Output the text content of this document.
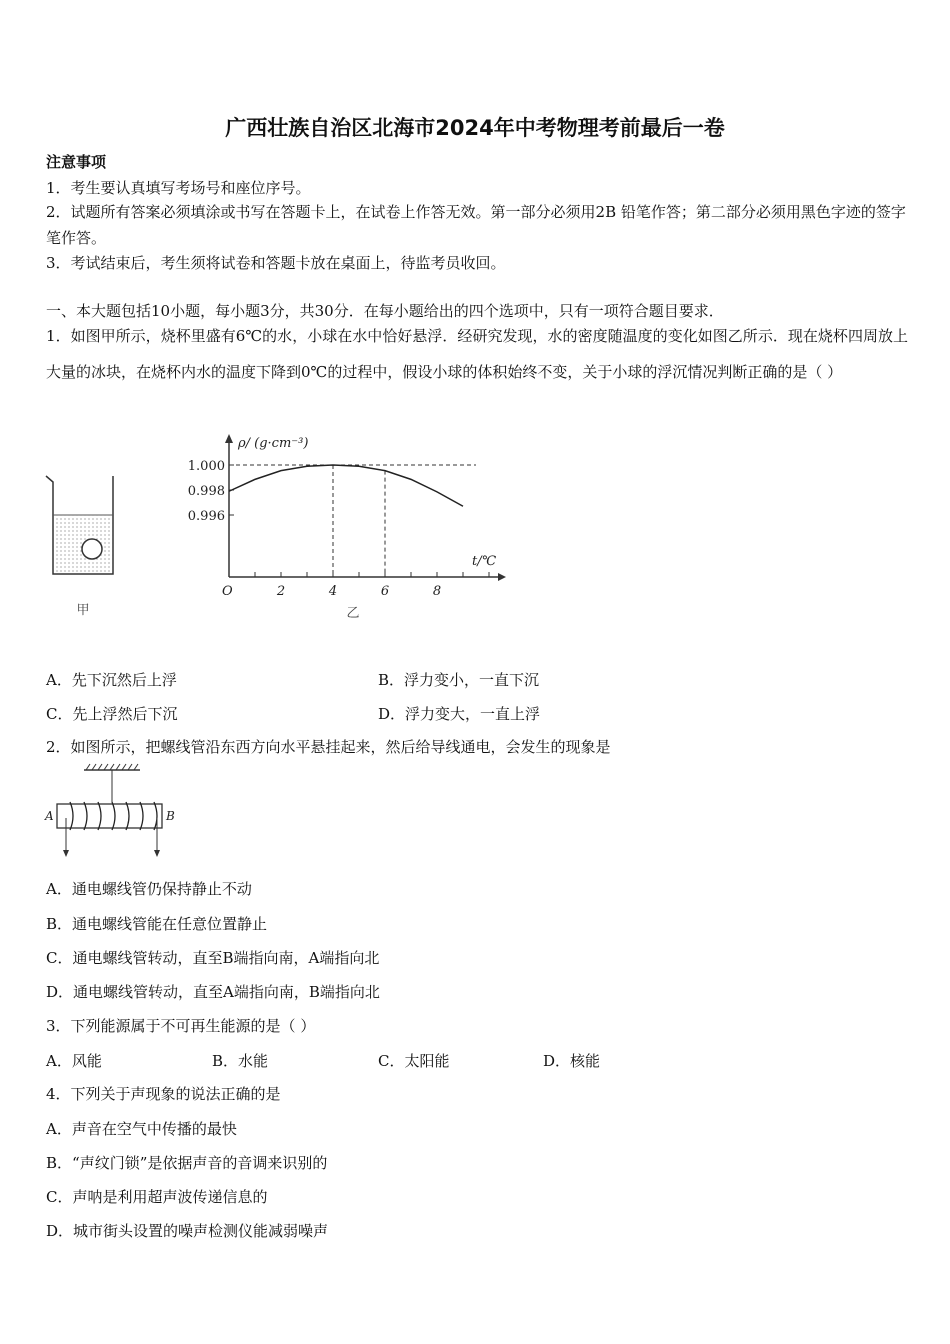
广西壮族自治区北海市2024年中考物理考前最后一卷
注意事项
1．考生要认真填写考场号和座位序号。
2．试题所有答案必须填涂或书写在答题卡上，在试卷上作答无效。第一部分必须用2B 铅笔作答；第二部分必须用黑色字迹的签字笔作答。
3．考试结束后，考生须将试卷和答题卡放在桌面上，待监考员收回。
一、本大题包括10小题，每小题3分，共30分．在每小题给出的四个选项中，只有一项符合题目要求．
1．如图甲所示，烧杯里盛有6℃的水，小球在水中恰好悬浮．经研究发现，水的密度随温度的变化如图乙所示．现在烧杯四周放上大量的冰块，在烧杯内水的温度下降到0℃的过程中，假设小球的体积始终不变，关于小球的浮沉情况判断正确的是（ ）
甲
ρ/ (g·cm⁻³)
t/℃
O	2	4	6	8
1.000
0.998
0.996
乙
A．先下沉然后上浮	B．浮力变小，一直下沉
C．先上浮然后下沉	D．浮力变大，一直上浮
2．如图所示，把螺线管沿东西方向水平悬挂起来，然后给导线通电，会发生的现象是
A	B
A．通电螺线管仍保持静止不动
B．通电螺线管能在任意位置静止
C．通电螺线管转动，直至B端指向南，A端指向北
D．通电螺线管转动，直至A端指向南，B端指向北
3．下列能源属于不可再生能源的是（ ）
A．风能	B．水能	C．太阳能	D．核能
4．下列关于声现象的说法正确的是
A．声音在空气中传播的最快
B．“声纹门锁”是依据声音的音调来识别的
C．声呐是利用超声波传递信息的
D．城市街头设置的噪声检测仪能减弱噪声
